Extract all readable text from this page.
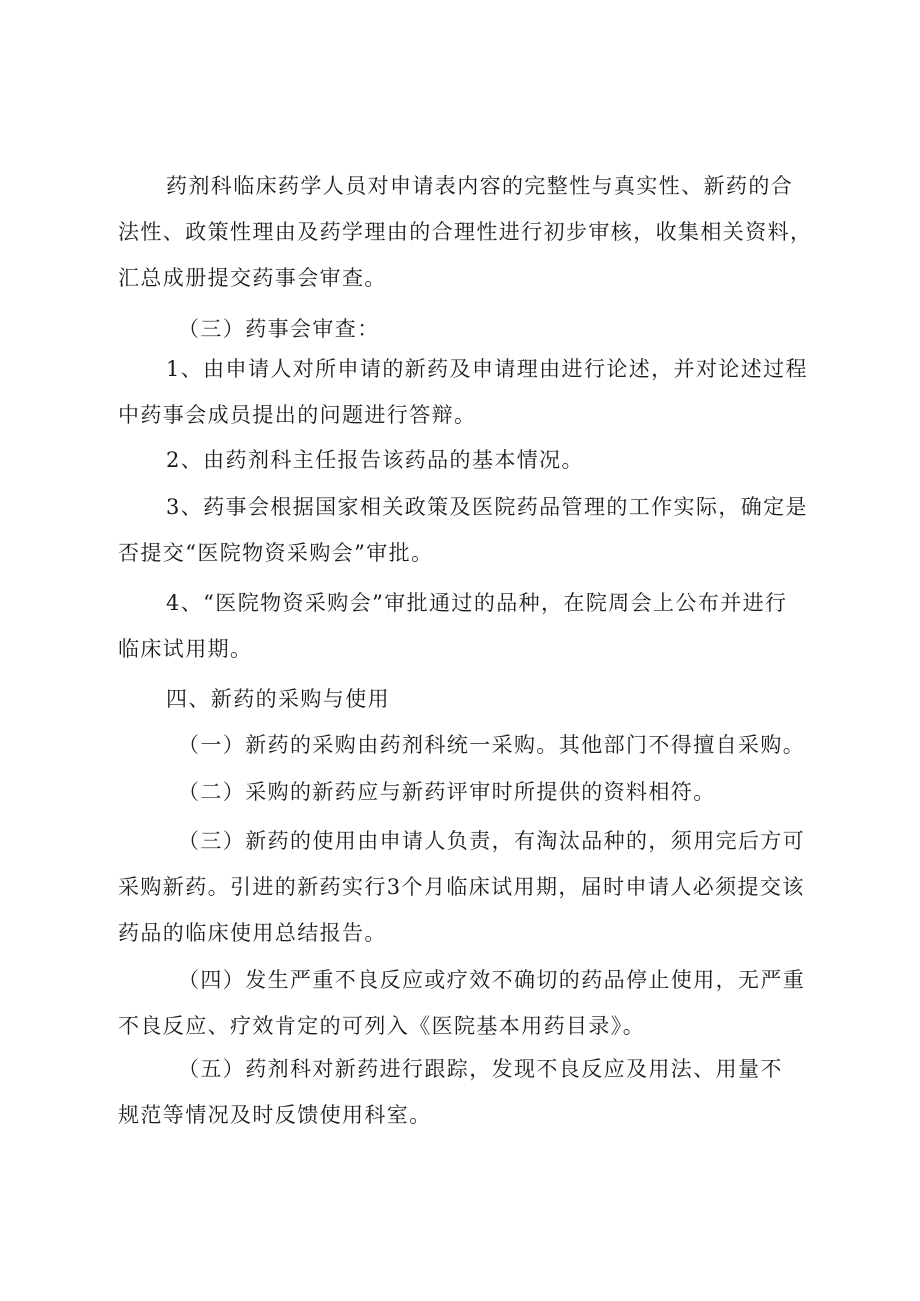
药剂科临床药学人员对申请表内容的完整性与真实性、新药的合
法性、政策性理由及药学理由的合理性进行初步审核，收集相关资料，
汇总成册提交药事会审查。

（三）药事会审查：

1、由申请人对所申请的新药及申请理由进行论述，并对论述过程
中药事会成员提出的问题进行答辩。

2、由药剂科主任报告该药品的基本情况。

3、药事会根据国家相关政策及医院药品管理的工作实际，确定是
否提交“医院物资采购会”审批。

4、“医院物资采购会”审批通过的品种，在院周会上公布并进行
临床试用期。

四、新药的采购与使用

（一）新药的采购由药剂科统一采购。其他部门不得擅自采购。

（二）采购的新药应与新药评审时所提供的资料相符。

（三）新药的使用由申请人负责，有淘汰品种的，须用完后方可
采购新药。引进的新药实行3个月临床试用期，届时申请人必须提交该
药品的临床使用总结报告。

（四）发生严重不良反应或疗效不确切的药品停止使用，无严重
不良反应、疗效肯定的可列入《医院基本用药目录》。

（五）药剂科对新药进行跟踪，发现不良反应及用法、用量不
规范等情况及时反馈使用科室。
